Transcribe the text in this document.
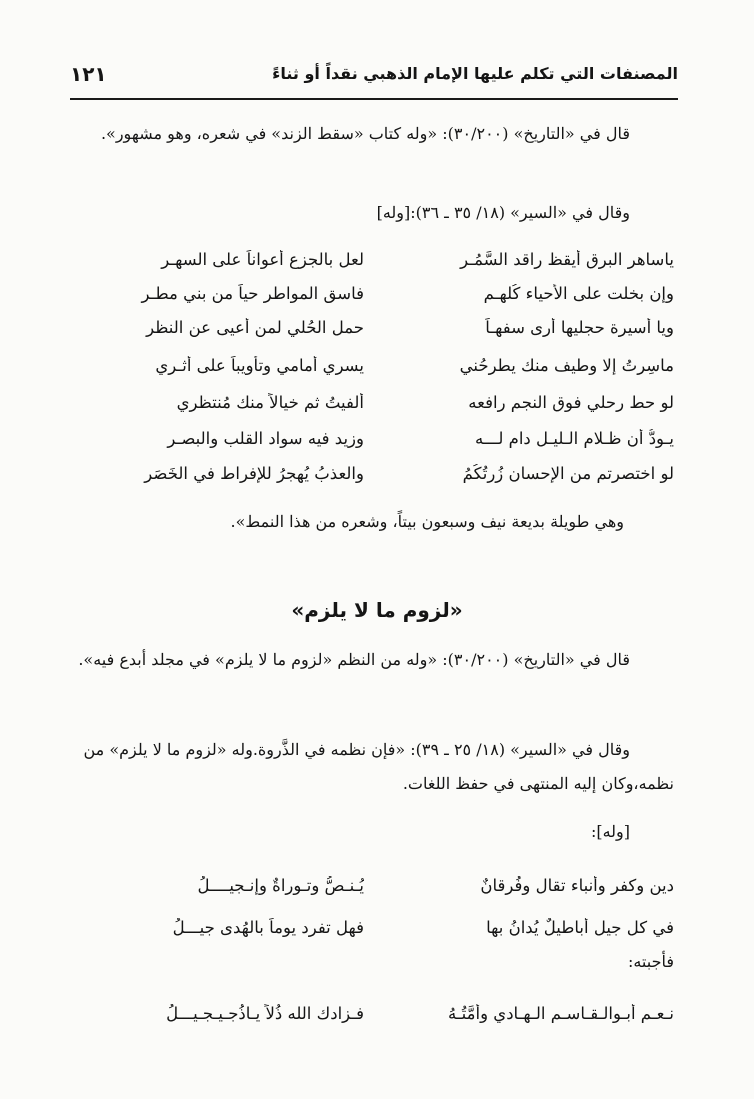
المصنفات التي تكلم عليها الإمام الذهبي نقداً أو ثناءً
١٢١
قال في «التاريخ» (٣٠/٢٠٠): «وله كتاب «سقط الزند» في شعره، وهو مشهور».
وقال في «السير» (١٨/ ٣٥ ـ ٣٦):[وله]
ياساهر البرق أيقظ راقد السَّمُـرِ
لعل بالجزع أعواناً على السهـرِ
وإن بخلت على الأحياء كُلهـم
فاسق المواطر حياً من بني مطـرِ
ويا أسيرة حجليها أرى سفهـاً
حمل الحُلي لمن أعيى عن النظرِ
ماسِرتُ إلا وطيف منك يطرحُني
يسري أمامي وتأويباً على أثـري
لو حط رحلي فوق النجم رافعه
ألفيتُ ثم خيالاً منك مُنتظري
يـودُّ أن ظـلام الـليـل دام لـــه
وزيد فيه سواد القلب والبصـر
لو اختصرتم من الإحسان زُرتُكُمُ
والعذبُ يُهجرُ للإفراط في الخَصَر
وهي طويلة بديعة نيف وسبعون بيتاً، وشعره من هذا النمط».
«لزوم ما لا يلزم»
قال في «التاريخ» (٣٠/٢٠٠): «وله من النظم «لزوم ما لا يلزم» في مجلد أبدع فيه».
وقال في «السير» (١٨/ ٢٥ ـ ٣٩): «فإن نظمه في الذَّروة.وله «لزوم ما لا يلزم» من نظمه،وكان إليه المنتهى في حفظ اللغات.
[وله]:
دين وكفر وأنباء تقال وفُرقانٌ
يُـنـصُّ وتـوراةٌ وإنـجيــــلُ
في كل جيل أباطيلٌ يُدانُ بها
فهل تفرد يوماً بالهُدى جيـــلُ
فأجبته:
نـعـم أبـوالـقـاسـم الـهـادي وأُمَّتُـهُ
فـزادك الله ذُلاً يـاذُجـيـجـيـــلُ
